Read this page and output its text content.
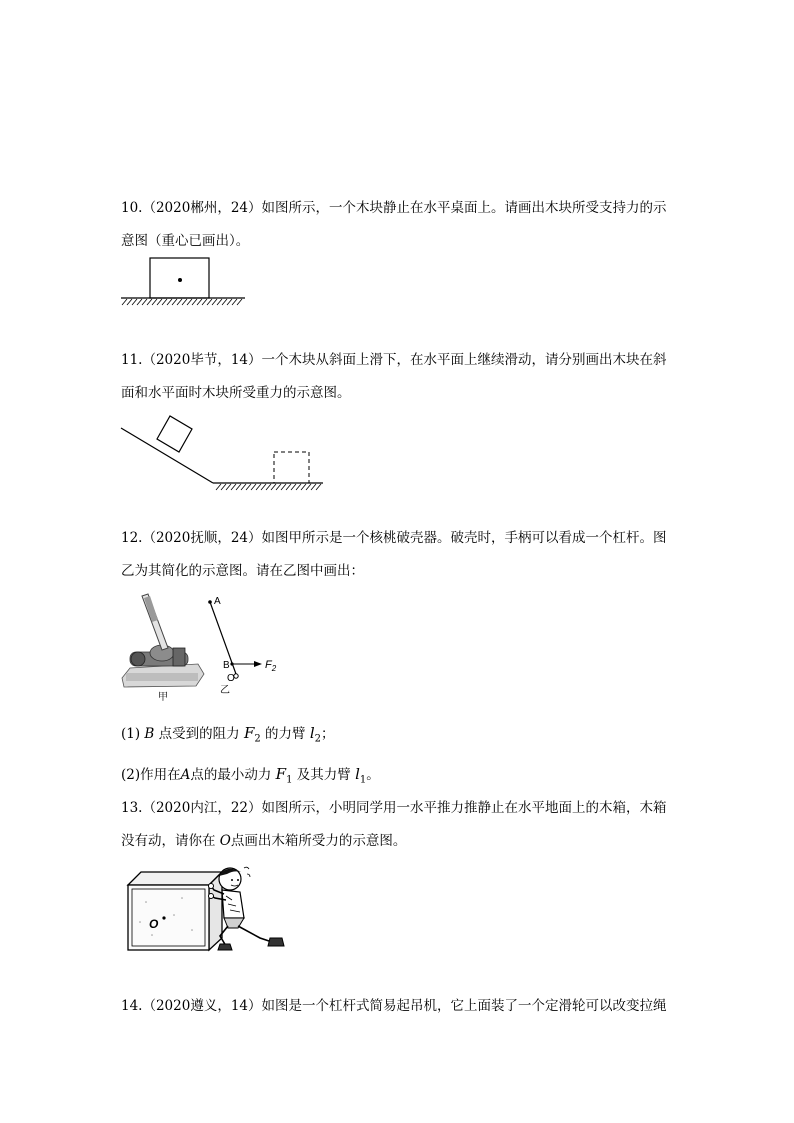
10.（2020郴州，24）如图所示，一个木块静止在水平桌面上。请画出木块所受支持力的示
意图（重心已画出）。
11.（2020毕节，14）一个木块从斜面上滑下，在水平面上继续滑动，请分别画出木块在斜
面和水平面时木块所受重力的示意图。
12.（2020抚顺，24）如图甲所示是一个核桃破壳器。破壳时，手柄可以看成一个杠杆。图
乙为其简化的示意图。请在乙图中画出：
甲
A
B
O
$F_2$
乙
(1) B 点受到的阻力 $F_2$ 的力臂 $l_2$；
(2)作用在A点的最小动力 $F_1$ 及其力臂 $l_1$。
13.（2020内江，22）如图所示，小明同学用一水平推力推静止在水平地面上的木箱，木箱
没有动，请你在 O点画出木箱所受力的示意图。
O
14.（2020遵义，14）如图是一个杠杆式简易起吊机，它上面装了一个定滑轮可以改变拉绳
